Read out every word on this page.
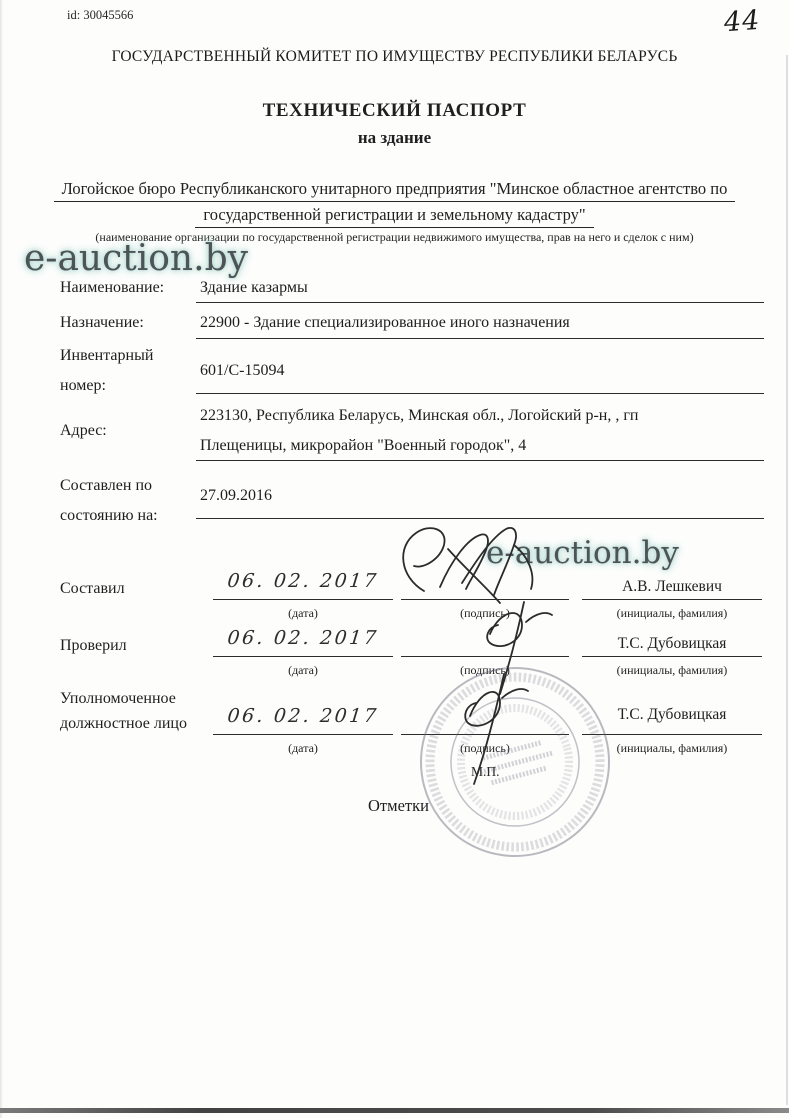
id: 30045566	44
ГОСУДАРСТВЕННЫЙ КОМИТЕТ ПО ИМУЩЕСТВУ РЕСПУБЛИКИ БЕЛАРУСЬ
ТЕХНИЧЕСКИЙ ПАСПОРТ
на здание
Логойское бюро Республиканского унитарного предприятия "Минское областное агентство по
государственной регистрации и земельному кадастру"
(наименование организации по государственной регистрации недвижимого имущества, прав на него и сделок с ним)
e-auction.by
e-auction.by
Наименование: Здание казармы
Назначение:	22900 - Здание специализированное иного назначения
Инвентарный
номер:
601/С-15094
Адрес:
223130, Республика Беларусь, Минская обл., Логойский р-н, , гп
Плещеницы, микрорайон "Военный городок", 4
Составлен по
состоянию на:
27.09.2016
Составил	06. 02. 2017	А.В. Лешкевич
(дата)	(подпись)	(инициалы, фамилия)
Проверил	06. 02. 2017	Т.С. Дубовицкая
(дата)	(подпись)	(инициалы, фамилия)
Уполномоченное
должностное лицо	06. 02. 2017	Т.С. Дубовицкая
(дата)	(подпись)	(инициалы, фамилия)
М.П.
Отметки
